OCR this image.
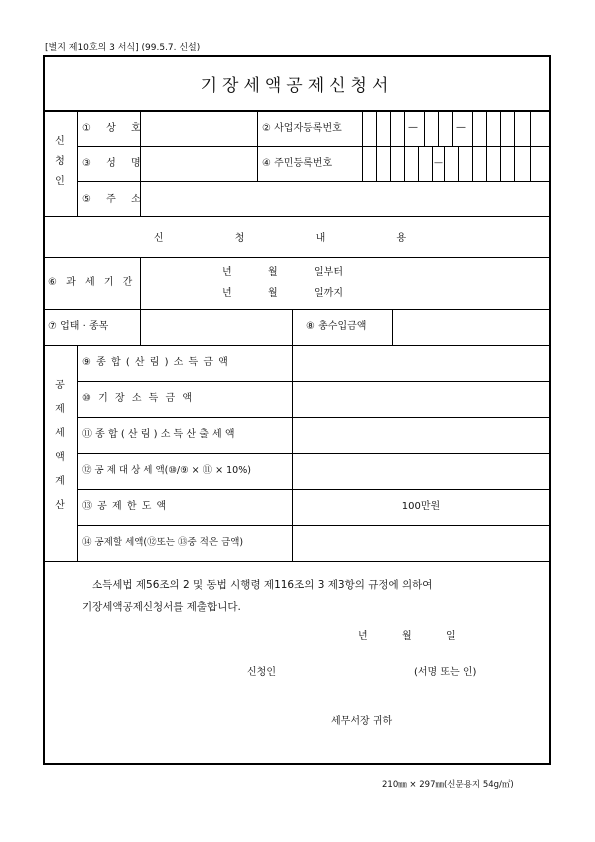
[별지 제10호의 3 서식] (99.5.7. 신설)
기장세액공제신청서
—	—
—
신
청
인
① 상 호	② 사업자등록번호
③ 성 명	④ 주민등록번호
⑤ 주 소
신 청 내 용
⑥ 과 세 기 간
년	월	일부터
년	월	일까지
⑦ 업태 · 종목	⑧ 총수입금액
공
제
세
액
계
산
⑨ 종 합 ( 산 림 ) 소 득 금 액
⑩ 기 장 소 득 금 액
⑪ 종 합 ( 산 림 ) 소 득 산 출 세 액
⑫ 공 제 대 상 세 액(⑩/⑨ × ⑪ × 10%)
⑬ 공 제 한 도 액	100만원
⑭ 공제할 세액(⑫또는 ⑬중 적은 금액)
소득세법 제56조의 2 및 동법 시행령 제116조의 3 제3항의 규정에 의하여
기장세액공제신청서를 제출합니다.
년	월	일
신청인	(서명 또는 인)
세무서장 귀하
210㎜ × 297㎜(신문용지 54g/㎡)
